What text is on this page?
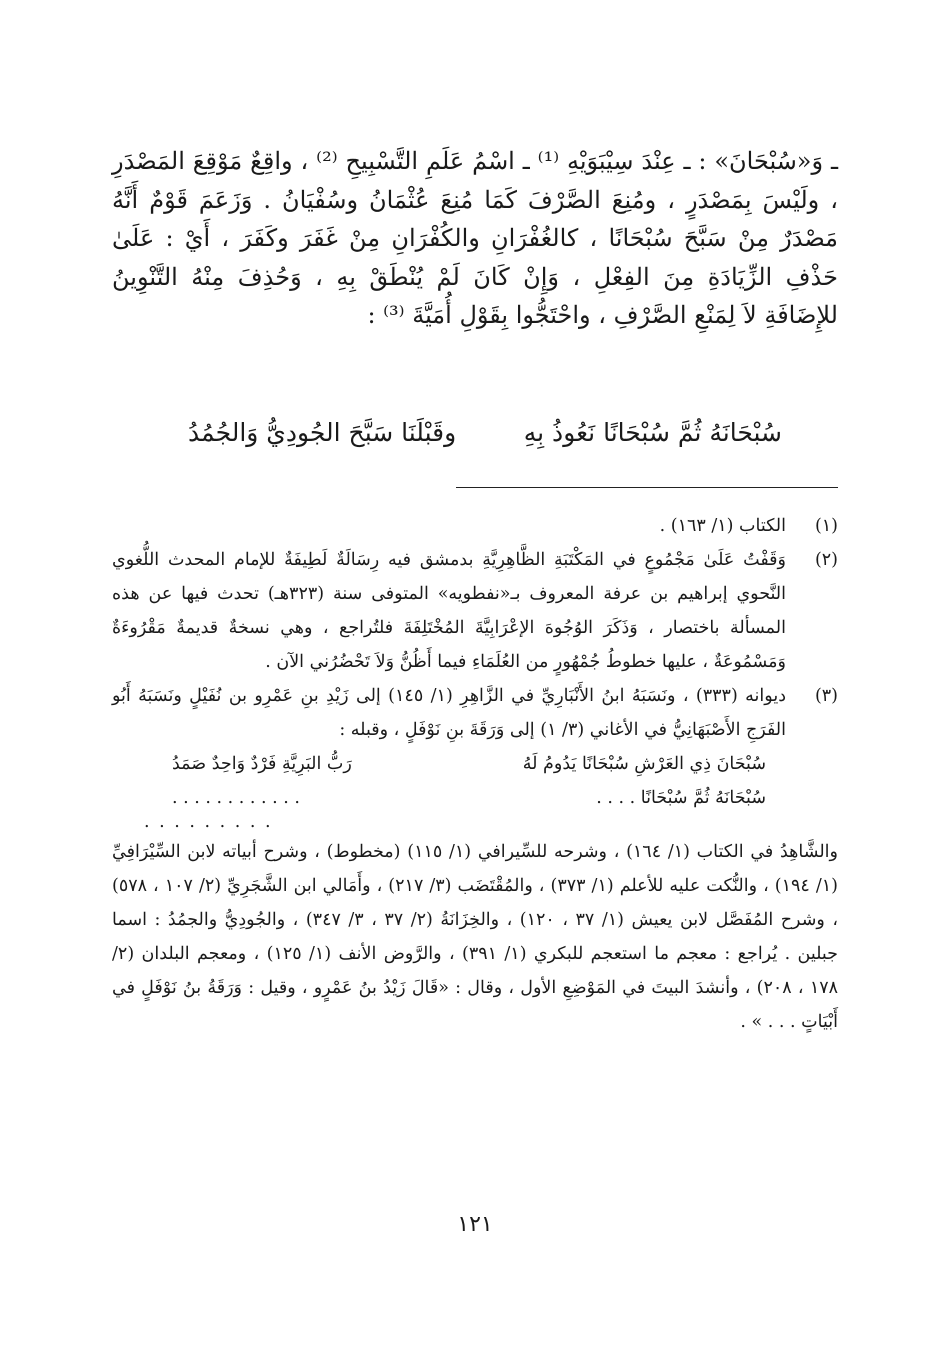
ـ وَ«سُبْحَانَ» : ـ عِنْدَ سِيْبَوَيْهِ ⁽¹⁾ ـ اسْمُ عَلَمِ التَّسْبِيحِ ⁽²⁾ ، واقِعٌ مَوْقِعَ المَصْدَرِ ، ولَيْسَ بِمَصْدَرٍ ، ومُنِعَ الصَّرْفَ كَمَا مُنِعَ عُثْمَانُ وسُفْيَانُ . وَزَعَمَ قَوْمٌ أَنَّهُ مَصْدَرٌ مِنْ سَبَّحَ سُبْحَانًا ، كالغُفْرَانِ والكُفْرَانِ مِنْ غَفَرَ وكَفَرَ ، أَيْ : عَلَىٰ حَذْفِ الزِّيَادَةِ مِنَ الفِعْلِ ، وَإِنْ كَانَ لَمْ يُنْطَقْ بِهِ ، وَحُذِفَ مِنْهُ التَّنْوِينُ للإِضَافَةِ لاَ لِمَنْعِ الصَّرْفِ ، واحْتَجُّوا بِقَوْلِ أُمَيَّةَ ⁽³⁾ :

سُبْحَانَهُ ثُمَّ سُبْحَانًا نَعُوذُ بِهِ
وقَبْلَنَا سَبَّحَ الجُودِيُّ وَالجُمُدُ
(١)

الكتاب (١/ ١٦٣) .

(٢)

وَقَفْتُ عَلَىٰ مَجْمُوعٍ في المَكْتَبَةِ الظَّاهِرِيَّةِ بدمشق فيه رِسَالَةٌ لَطِيفَةٌ للإمام المحدث اللُّغوي النَّحوي إبراهيم بن عرفة المعروف بـ«نفطويه» المتوفى سنة (٣٢٣هـ) تحدث فيها عن هذه المسألة باختصار ، وَذَكَرَ الوُجُوهَ الإعْرَابِيَّةَ المُخْتَلِفَةَ فلتُراجع ، وهي نسخةٌ قديمةٌ مَقْرُوءَةٌ وَمَسْمُوعَةٌ ، عليها خطوطُ جُمْهُورٍ من العُلَمَاءِ فيما أَظُنُّ وَلاَ تَحْضُرُني الآن .

(٣)

ديوانه (٣٣٣) ، ونَسَبَهُ ابنُ الأَنْبَارِيِّ في الزَّاهِرِ (١/ ١٤٥) إلى زَيْدِ بنِ عَمْرِو بن نُفَيْلٍ ونَسَبَهُ أَبُو الفَرَجِ الأَصْبَهَانِيُّ في الأغاني (٣/ ١) إلى وَرَقَةَ بنِ نَوْفَلٍ ، وقبله :

سُبْحَانَ ذِي العَرْشِ سُبْحَانًا يَدُومُ لَهُ
رَبُّ البَرِيَّةِ فَرْدٌ وَاحِدٌ صَمَدُ
سُبْحَانَهُ ثُمَّ سُبْحَانًا . . . .
. . . . . . . . . . . .
. . . . . . . . .

والشَّاهِدُ في الكتاب (١/ ١٦٤) ، وشرحه للسِّيرافي (١/ ١١٥) (مخطوط) ، وشرح أبياته لابن السِّيْرَافِيِّ (١/ ١٩٤) ، والنُّكت عليه للأعلم (١/ ٣٧٣) ، والمُقْتَضَب (٣/ ٢١٧) ، وأَمَالي ابن الشَّجَرِيِّ (٢/ ١٠٧ ، ٥٧٨) ، وشرح المُفَصَّل لابن يعيش (١/ ٣٧ ، ١٢٠) ، والخِزَانَةُ (٢/ ٣٧ ، ٣/ ٣٤٧) ، والجُودِيُّ والجمُدُ : اسما جبلين . يُراجع : معجم ما استعجم للبكري (١/ ٣٩١) ، والرَّوض الأنف (١/ ١٢٥) ، ومعجم البلدان (٢/ ١٧٨ ، ٢٠٨) ، وأنشدَ البيتَ في المَوْضِعِ الأول ، وقال : «قَالَ زَيْدُ بنُ عَمْرٍو ، وقيل : وَرَقَةُ بنُ نَوْفَلٍ في أَبْيَاتٍ . . . » .

١٢١
